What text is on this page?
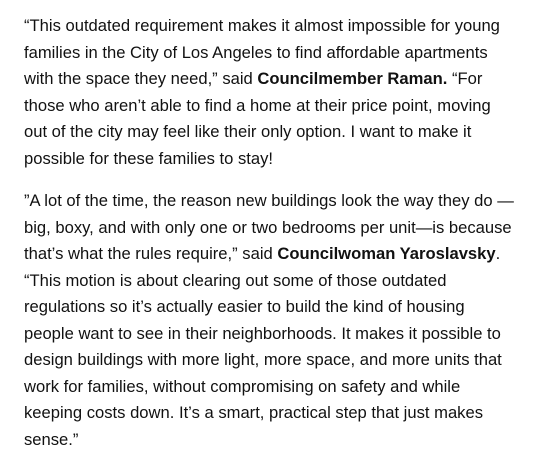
“This outdated requirement makes it almost impossible for young families in the City of Los Angeles to find affordable apartments with the space they need,” said Councilmember Raman. “For those who aren’t able to find a home at their price point, moving out of the city may feel like their only option. I want to make it possible for these families to stay!

”A lot of the time, the reason new buildings look the way they do —big, boxy, and with only one or two bedrooms per unit—is because that’s what the rules require,” said Councilwoman Yaroslavsky. “This motion is about clearing out some of those outdated regulations so it’s actually easier to build the kind of housing people want to see in their neighborhoods. It makes it possible to design buildings with more light, more space, and more units that work for families, without compromising on safety and while keeping costs down. It’s a smart, practical step that just makes sense.”
